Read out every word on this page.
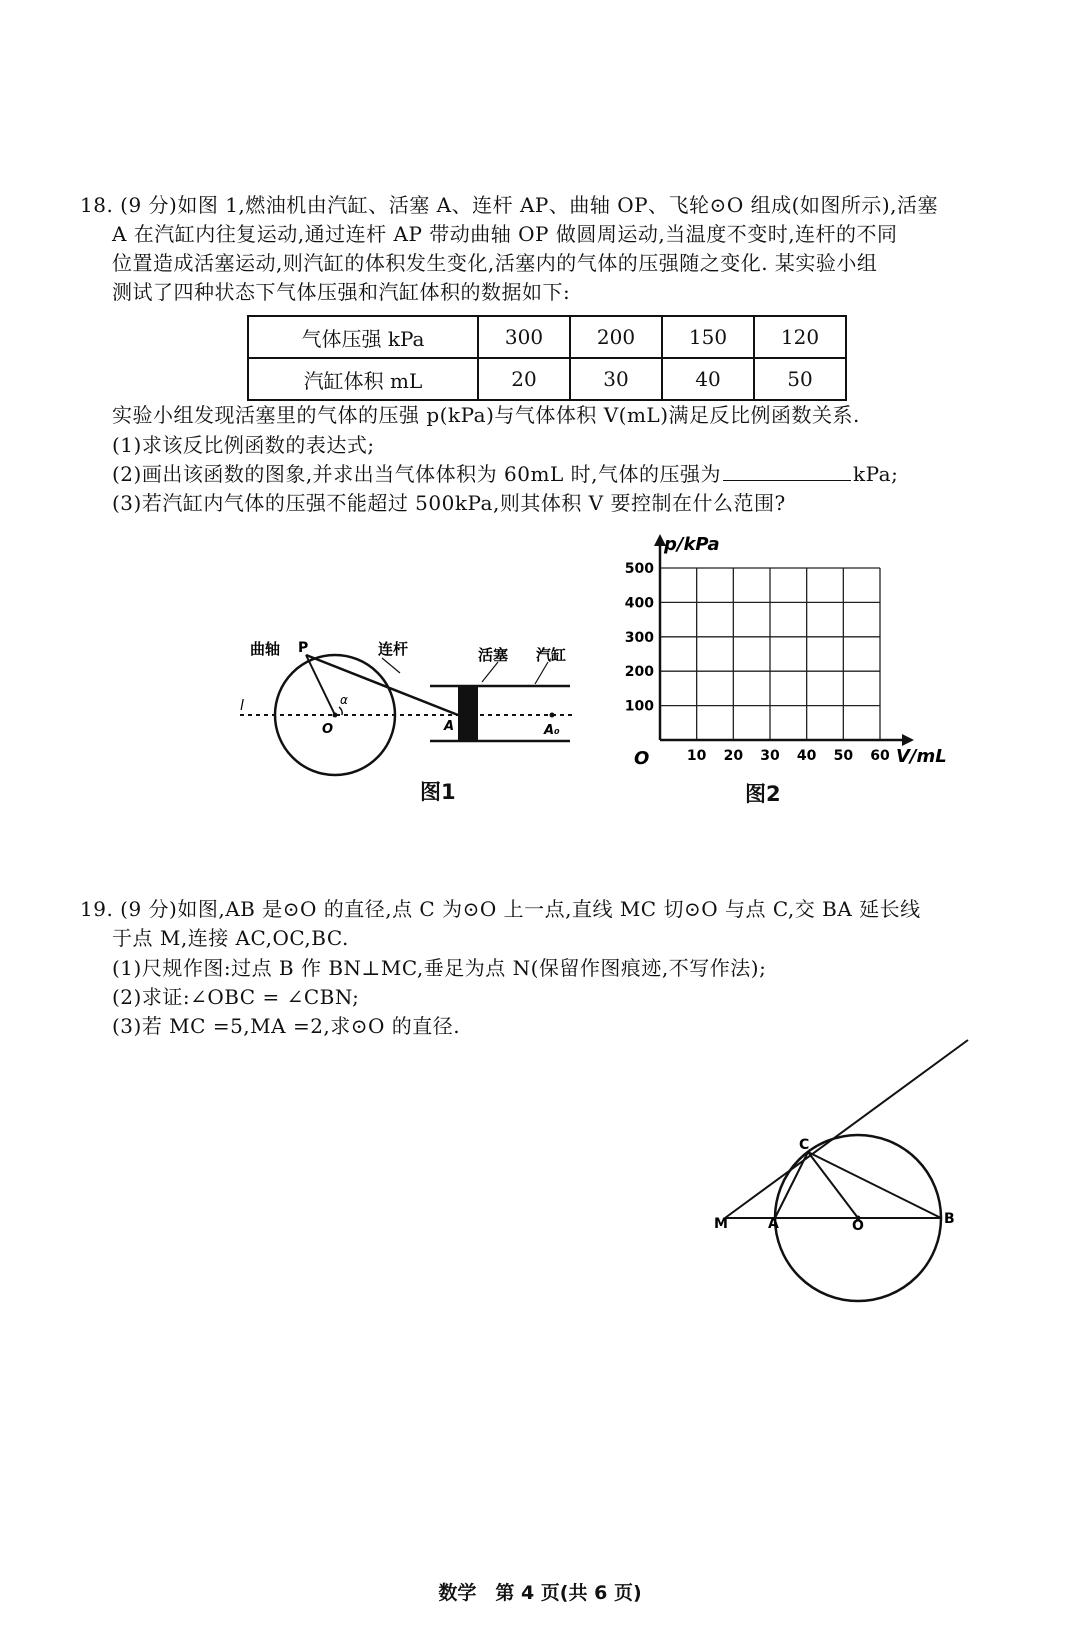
18. (9 分)如图 1,燃油机由汽缸、活塞 A、连杆 AP、曲轴 OP、飞轮⊙O 组成(如图所示),活塞
A 在汽缸内往复运动,通过连杆 AP 带动曲轴 OP 做圆周运动,当温度不变时,连杆的不同
位置造成活塞运动,则汽缸的体积发生变化,活塞内的气体的压强随之变化. 某实验小组
测试了四种状态下气体压强和汽缸体积的数据如下:
气体压强 kPa	300	200	150	120
汽缸体积 mL	20	30	40	50
实验小组发现活塞里的气体的压强 p(kPa)与气体体积 V(mL)满足反比例函数关系.
(1)求该反比例函数的表达式;
(2)画出该函数的图象,并求出当气体体积为 60mL 时,气体的压强为	kPa;
(3)若汽缸内气体的压强不能超过 500kPa,则其体积 V 要控制在什么范围?
曲轴 P	连杆	活塞 汽缸
l
O
α
A	A₀
图1
p/kPa
V/mL
O
100
200
300
400
500
10 20 30 40 50 60
图2
19. (9 分)如图,AB 是⊙O 的直径,点 C 为⊙O 上一点,直线 MC 切⊙O 与点 C,交 BA 延长线
于点 M,连接 AC,OC,BC.
(1)尺规作图:过点 B 作 BN⊥MC,垂足为点 N(保留作图痕迹,不写作法);
(2)求证:∠OBC = ∠CBN;
(3)若 MC =5,MA =2,求⊙O 的直径.
M	A	O	B
C
数学　第 4 页(共 6 页)
